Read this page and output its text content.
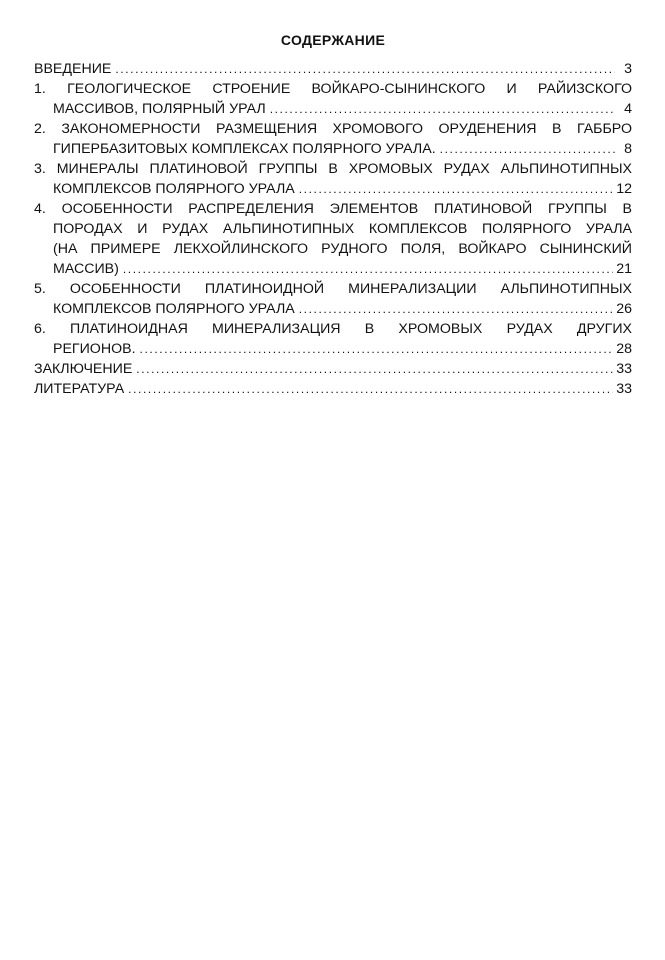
СОДЕРЖАНИЕ
ВВЕДЕНИЕ .....	3
1. ГЕОЛОГИЧЕСКОЕ СТРОЕНИЕ ВОЙКАРО-СЫНИНСКОГО И РАЙИЗСКОГО
МАССИВОВ, ПОЛЯРНЫЙ УРАЛ .....	4
2. ЗАКОНОМЕРНОСТИ РАЗМЕЩЕНИЯ ХРОМОВОГО ОРУДЕНЕНИЯ В ГАББРО
ГИПЕРБАЗИТОВЫХ КОМПЛЕКСАХ ПОЛЯРНОГО УРАЛА. .....	8
3. МИНЕРАЛЫ ПЛАТИНОВОЙ ГРУППЫ В ХРОМОВЫХ РУДАХ АЛЬПИНОТИПНЫХ
КОМПЛЕКСОВ ПОЛЯРНОГО УРАЛА .....	12
4. ОСОБЕННОСТИ РАСПРЕДЕЛЕНИЯ ЭЛЕМЕНТОВ ПЛАТИНОВОЙ ГРУППЫ В
ПОРОДАХ И РУДАХ АЛЬПИНОТИПНЫХ КОМПЛЕКСОВ ПОЛЯРНОГО УРАЛА
(НА ПРИМЕРЕ ЛЕКХОЙЛИНСКОГО РУДНОГО ПОЛЯ, ВОЙКАРО СЫНИНСКИЙ
МАССИВ) .....	21
5. ОСОБЕННОСТИ ПЛАТИНОИДНОЙ МИНЕРАЛИЗАЦИИ АЛЬПИНОТИПНЫХ
КОМПЛЕКСОВ ПОЛЯРНОГО УРАЛА .....	26
6. ПЛАТИНОИДНАЯ МИНЕРАЛИЗАЦИЯ В ХРОМОВЫХ РУДАХ ДРУГИХ
РЕГИОНОВ. .....	28
ЗАКЛЮЧЕНИЕ .....	33
ЛИТЕРАТУРА .....	33
